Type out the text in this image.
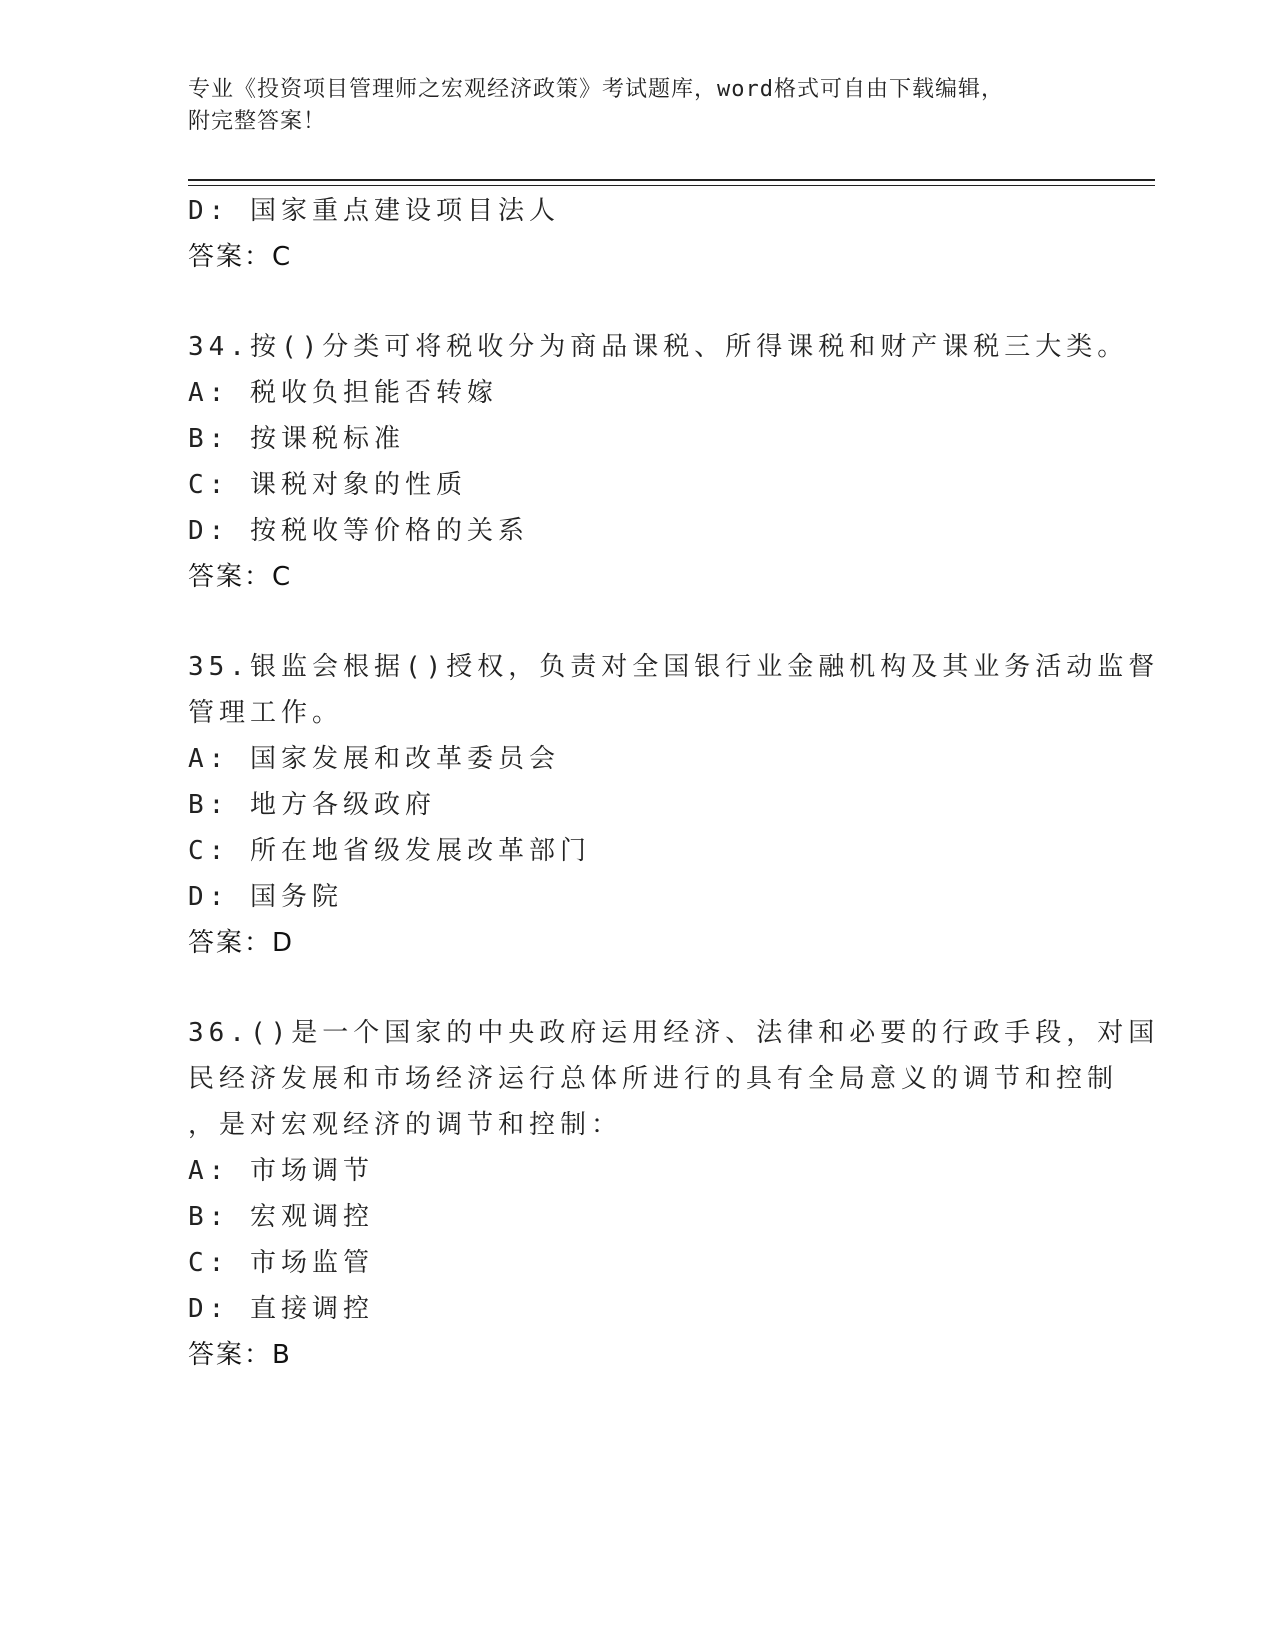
专业《投资项目管理师之宏观经济政策》考试题库，word格式可自由下载编辑，
附完整答案！
D: 国家重点建设项目法人
答案：C
34.按()分类可将税收分为商品课税、所得课税和财产课税三大类。
A: 税收负担能否转嫁
B: 按课税标准
C: 课税对象的性质
D: 按税收等价格的关系
答案：C
35.银监会根据()授权，负责对全国银行业金融机构及其业务活动监督
管理工作。
A: 国家发展和改革委员会
B: 地方各级政府
C: 所在地省级发展改革部门
D: 国务院
答案：D
36.()是一个国家的中央政府运用经济、法律和必要的行政手段，对国
民经济发展和市场经济运行总体所进行的具有全局意义的调节和控制
，是对宏观经济的调节和控制：
A: 市场调节
B: 宏观调控
C: 市场监管
D: 直接调控
答案：B
